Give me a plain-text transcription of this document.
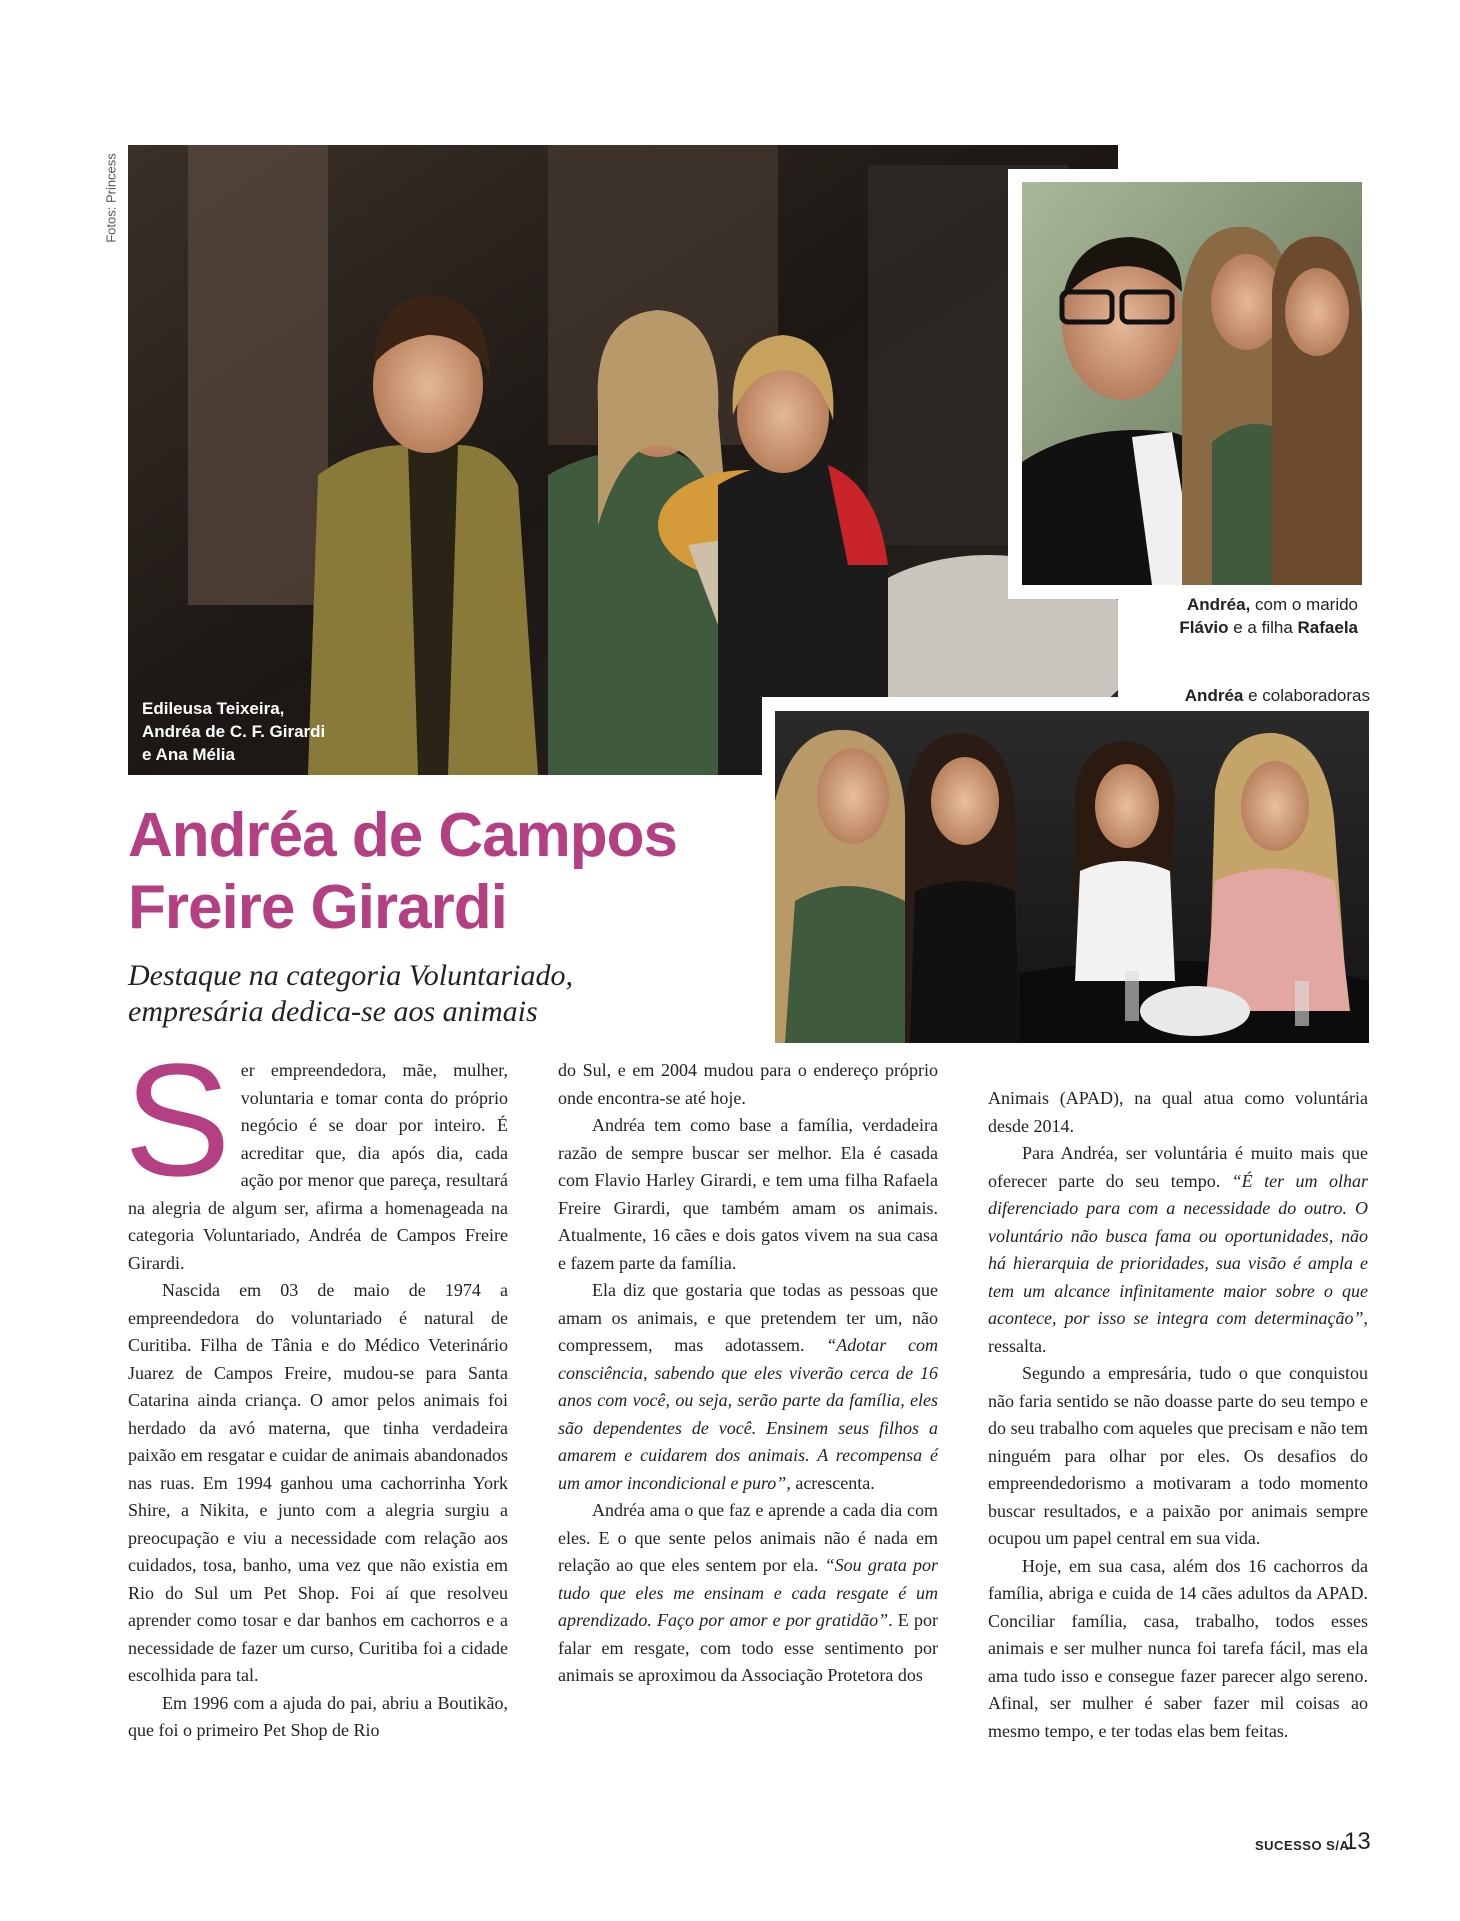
Fotos: Princess
Edileusa Teixeira,
Andréa de C. F. Girardi
e Ana Mélia
Andréa, com o marido
Flávio e a filha Rafaela
Andréa e colaboradoras
Andréa de Campos
Freire Girardi
Destaque na categoria Voluntariado,
empresária dedica-se aos animais

Ser empreendedora, mãe, mulher, voluntaria e tomar conta do próprio negócio é se doar por inteiro. É acreditar que, dia após dia, cada ação por menor que pareça, resultará na alegria de algum ser, afirma a homenageada na categoria Voluntariado, Andréa de Campos Freire Girardi.

Nascida em 03 de maio de 1974 a empreendedora do voluntariado é natural de Curitiba. Filha de Tânia e do Médico Veterinário Juarez de Campos Freire, mudou-se para Santa Catarina ainda criança. O amor pelos animais foi herdado da avó materna, que tinha verdadeira paixão em resgatar e cuidar de animais abandonados nas ruas. Em 1994 ganhou uma cachorrinha York Shire, a Nikita, e junto com a alegria surgiu a preocupação e viu a necessidade com relação aos cuidados, tosa, banho, uma vez que não existia em Rio do Sul um Pet Shop. Foi aí que resolveu aprender como tosar e dar banhos em cachorros e a necessidade de fazer um curso, Curitiba foi a cidade escolhida para tal.

Em 1996 com a ajuda do pai, abriu a Boutikão, que foi o primeiro Pet Shop de Rio

do Sul, e em 2004 mudou para o endereço próprio onde encontra-se até hoje.

Andréa tem como base a família, verdadeira razão de sempre buscar ser melhor. Ela é casada com Flavio Harley Girardi, e tem uma filha Rafaela Freire Girardi, que também amam os animais. Atualmente, 16 cães e dois gatos vivem na sua casa e fazem parte da família.

Ela diz que gostaria que todas as pessoas que amam os animais, e que pretendem ter um, não compressem, mas adotassem. “Adotar com consciência, sabendo que eles viverão cerca de 16 anos com você, ou seja, serão parte da família, eles são dependentes de você. Ensinem seus filhos a amarem e cuidarem dos animais. A recompensa é um amor incondicional e puro”, acrescenta.

Andréa ama o que faz e aprende a cada dia com eles. E o que sente pelos animais não é nada em relação ao que eles sentem por ela. “Sou grata por tudo que eles me ensinam e cada resgate é um aprendizado. Faço por amor e por gratidão”. E por falar em resgate, com todo esse sentimento por animais se aproximou da Associação Protetora dos

Animais (APAD), na qual atua como voluntária desde 2014.

Para Andréa, ser voluntária é muito mais que oferecer parte do seu tempo. “É ter um olhar diferenciado para com a necessidade do outro. O voluntário não busca fama ou oportunidades, não há hierarquia de prioridades, sua visão é ampla e tem um alcance infinitamente maior sobre o que acontece, por isso se integra com determinação”, ressalta.

Segundo a empresária, tudo o que conquistou não faria sentido se não doasse parte do seu tempo e do seu trabalho com aqueles que precisam e não tem ninguém para olhar por eles. Os desafios do empreendedorismo a motivaram a todo momento buscar resultados, e a paixão por animais sempre ocupou um papel central em sua vida.

Hoje, em sua casa, além dos 16 cachorros da família, abriga e cuida de 14 cães adultos da APAD. Conciliar família, casa, trabalho, todos esses animais e ser mulher nunca foi tarefa fácil, mas ela ama tudo isso e consegue fazer parecer algo sereno. Afinal, ser mulher é saber fazer mil coisas ao mesmo tempo, e ter todas elas bem feitas.

SUCESSO S/A
13
